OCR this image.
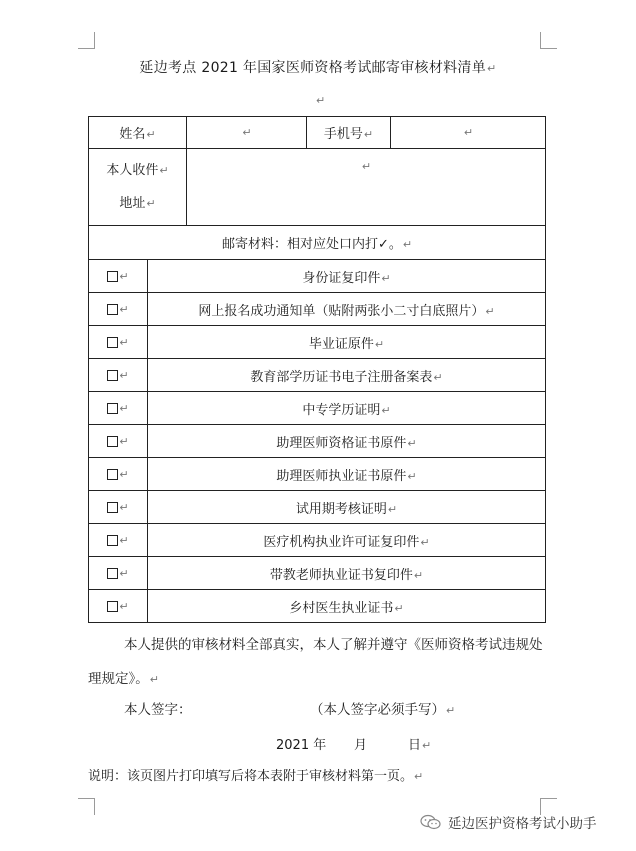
延边考点 2021 年国家医师资格考试邮寄审核材料清单↵
↵
姓名↵		↵	手机号↵	↵

本人收件↵
地址↵		↵		
邮寄材料：相对应处口内打✓。↵				
↵	身份证复印件↵			
↵	网上报名成功通知单（贴附两张小二寸白底照片）↵			
↵	毕业证原件↵			
↵	教育部学历证书电子注册备案表↵			
↵	中专学历证明↵			
↵	助理医师资格证书原件↵			
↵	助理医师执业证书原件↵			
↵	试用期考核证明↵			
↵	医疗机构执业许可证复印件↵			
↵	带教老师执业证书复印件↵			
↵	乡村医生执业证书↵			
本人提供的审核材料全部真实，本人了解并遵守《医师资格考试违规处理规定》。↵
本人签字：	（本人签字必须手写）↵
2021 年 月	日↵
说明：该页图片打印填写后将本表附于审核材料第一页。↵
延边医护资格考试小助手
